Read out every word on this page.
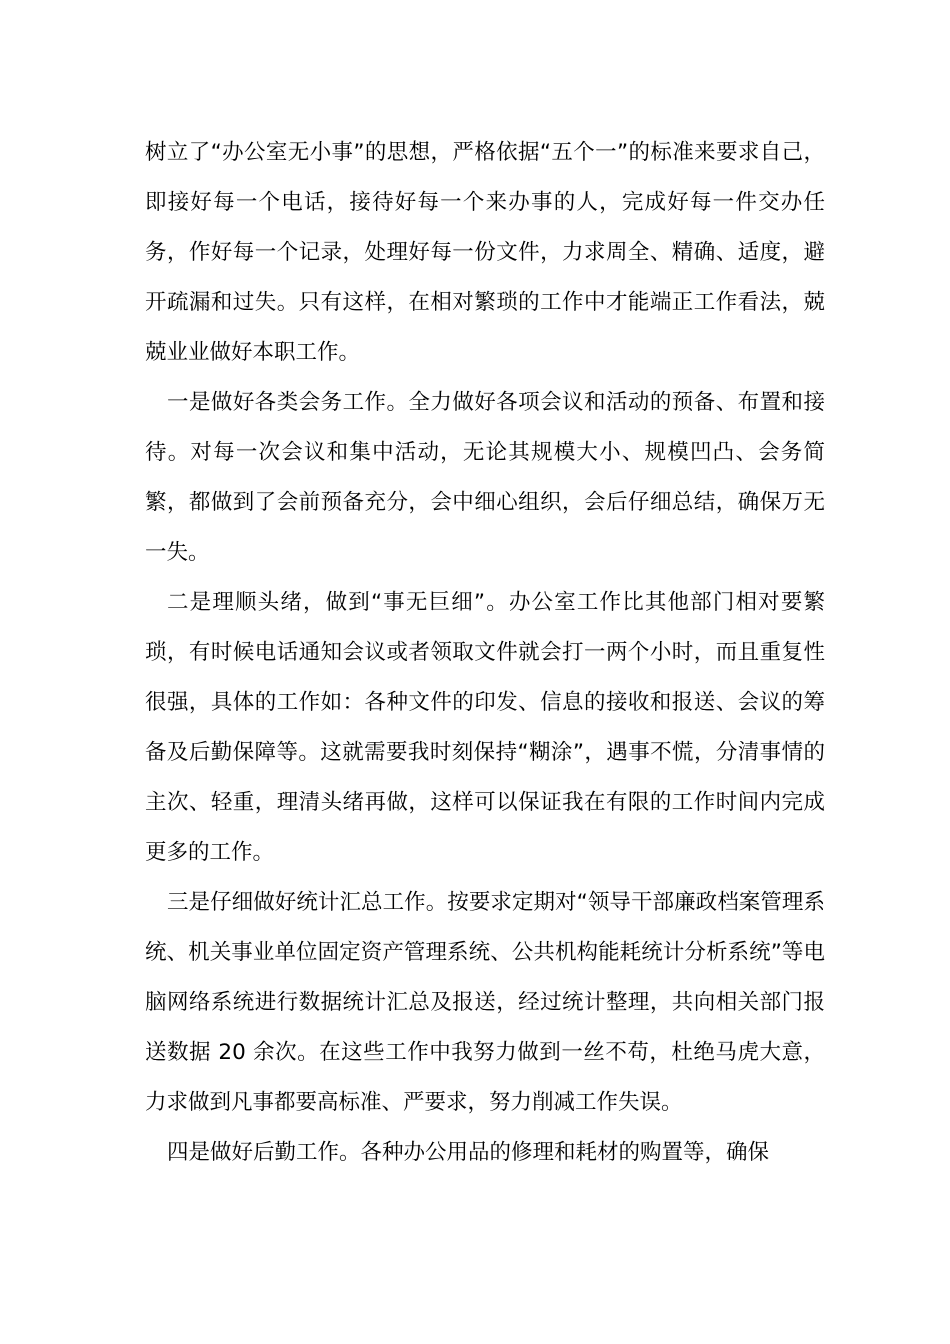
树立了“办公室无小事”的思想，严格依据“五个一”的标准来要求自己，即接好每一个电话，接待好每一个来办事的人，完成好每一件交办任务，作好每一个记录，处理好每一份文件，力求周全、精确、适度，避开疏漏和过失。只有这样，在相对繁琐的工作中才能端正工作看法，兢兢业业做好本职工作。

一是做好各类会务工作。全力做好各项会议和活动的预备、布置和接待。对每一次会议和集中活动，无论其规模大小、规模凹凸、会务简繁，都做到了会前预备充分，会中细心组织，会后仔细总结，确保万无一失。

二是理顺头绪，做到“事无巨细”。办公室工作比其他部门相对要繁琐，有时候电话通知会议或者领取文件就会打一两个小时，而且重复性很强，具体的工作如：各种文件的印发、信息的接收和报送、会议的筹备及后勤保障等。这就需要我时刻保持“糊涂”，遇事不慌，分清事情的主次、轻重，理清头绪再做，这样可以保证我在有限的工作时间内完成更多的工作。

三是仔细做好统计汇总工作。按要求定期对“领导干部廉政档案管理系统、机关事业单位固定资产管理系统、公共机构能耗统计分析系统”等电脑网络系统进行数据统计汇总及报送，经过统计整理，共向相关部门报送数据 20 余次。在这些工作中我努力做到一丝不苟，杜绝马虎大意，力求做到凡事都要高标准、严要求，努力削减工作失误。

四是做好后勤工作。各种办公用品的修理和耗材的购置等，确保
